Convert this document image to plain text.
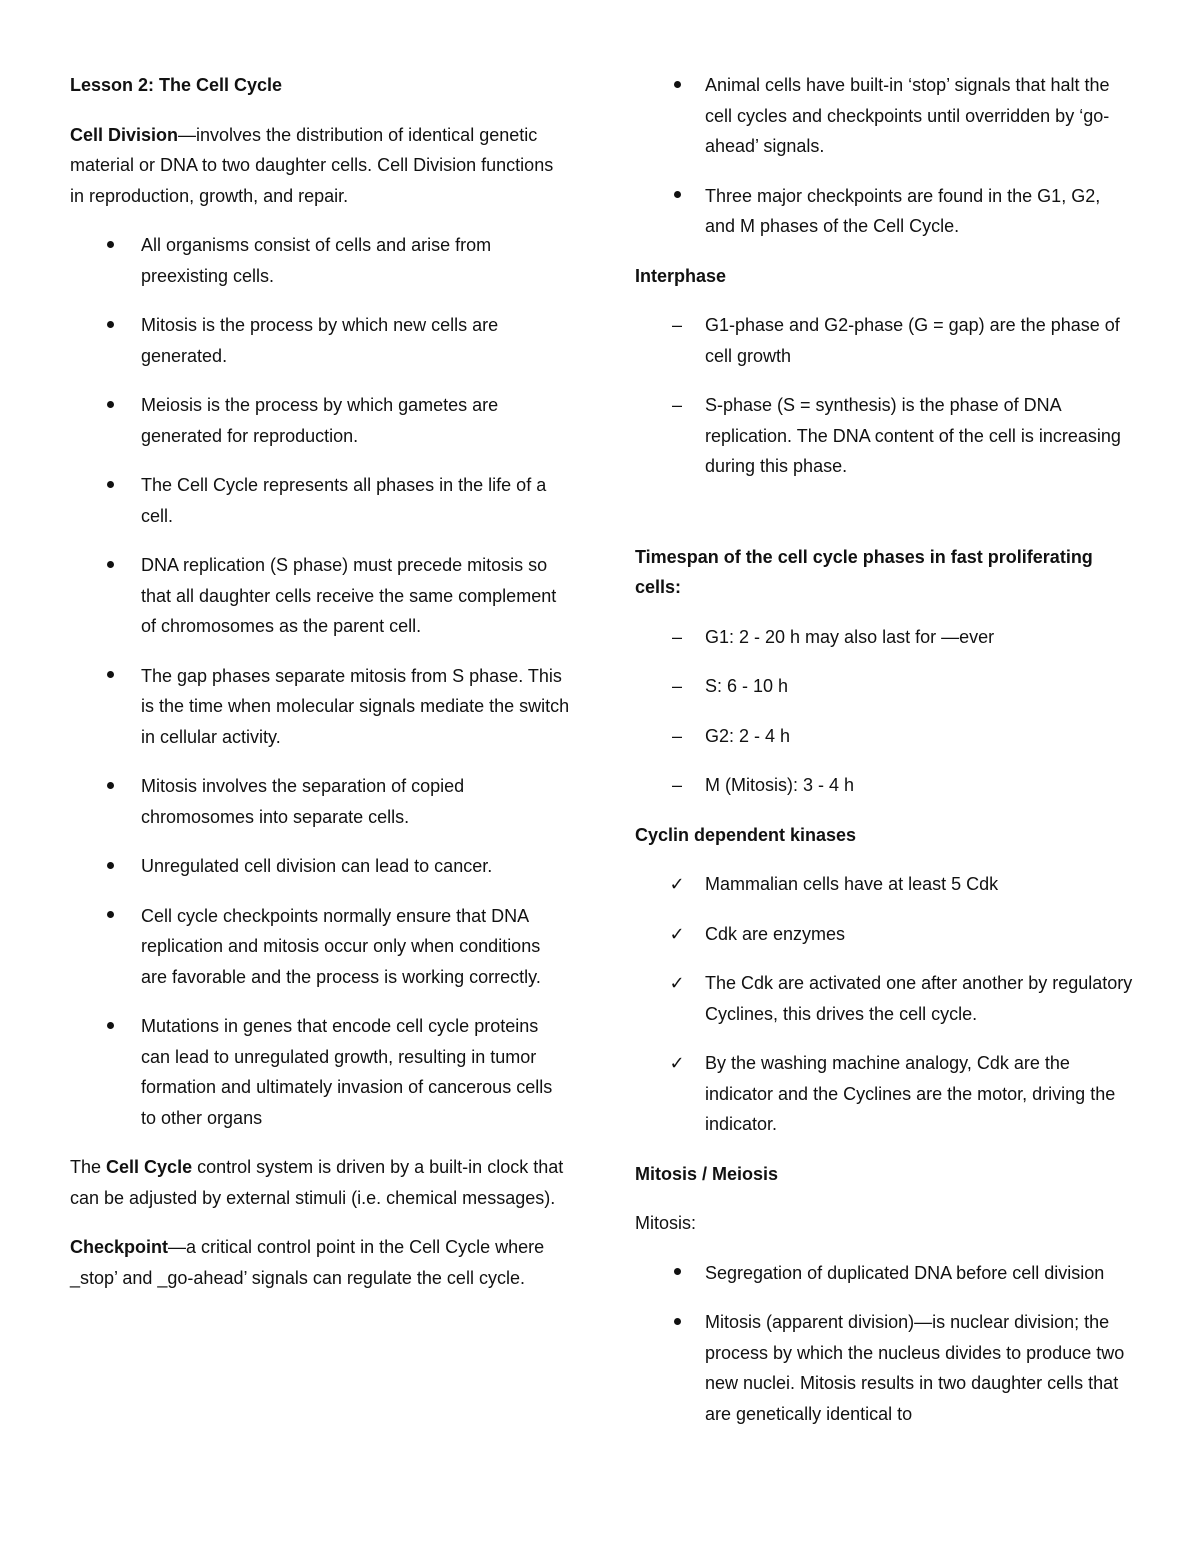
Lesson 2: The Cell Cycle

Cell Division—involves the distribution of identical genetic material or DNA to two daughter cells. Cell Division functions in reproduction, growth, and repair.

All organisms consist of cells and arise from preexisting cells.
Mitosis is the process by which new cells are generated.
Meiosis is the process by which gametes are generated for reproduction.
The Cell Cycle represents all phases in the life of a cell.
DNA replication (S phase) must precede mitosis so that all daughter cells receive the same complement of chromosomes as the parent cell.
The gap phases separate mitosis from S phase. This is the time when molecular signals mediate the switch in cellular activity.
Mitosis involves the separation of copied chromosomes into separate cells.
Unregulated cell division can lead to cancer.
Cell cycle checkpoints normally ensure that DNA replication and mitosis occur only when conditions are favorable and the process is working correctly.
Mutations in genes that encode cell cycle proteins can lead to unregulated growth, resulting in tumor formation and ultimately invasion of cancerous cells to other organs

The Cell Cycle control system is driven by a built-in clock that can be adjusted by external stimuli (i.e. chemical messages).

Checkpoint—a critical control point in the Cell Cycle where _stop’ and _go-ahead’ signals can regulate the cell cycle.

Animal cells have built-in ‘stop’ signals that halt the cell cycles and checkpoints until overridden by ‘go-ahead’ signals.
Three major checkpoints are found in the G1, G2, and M phases of the Cell Cycle.

Interphase

–
G1-phase and G2-phase (G = gap) are the phase of cell growth
–
S-phase (S = synthesis) is the phase of DNA replication. The DNA content of the cell is increasing during this phase.

Timespan of the cell cycle phases in fast proliferating cells:

–
G1: 2 - 20 h may also last for —ever
–
S: 6 - 10 h
–
G2: 2 - 4 h
–
M (Mitosis): 3 - 4 h

Cyclin dependent kinases

✓
Mammalian cells have at least 5 Cdk
✓
Cdk are enzymes
✓
The Cdk are activated one after another by regulatory Cyclines, this drives the cell cycle.
✓
By the washing machine analogy, Cdk are the indicator and the Cyclines are the motor, driving the indicator.

Mitosis / Meiosis

Mitosis:

Segregation of duplicated DNA before cell division
Mitosis (apparent division)—is nuclear division; the process by which the nucleus divides to produce two new nuclei. Mitosis results in two daughter cells that are genetically identical to
